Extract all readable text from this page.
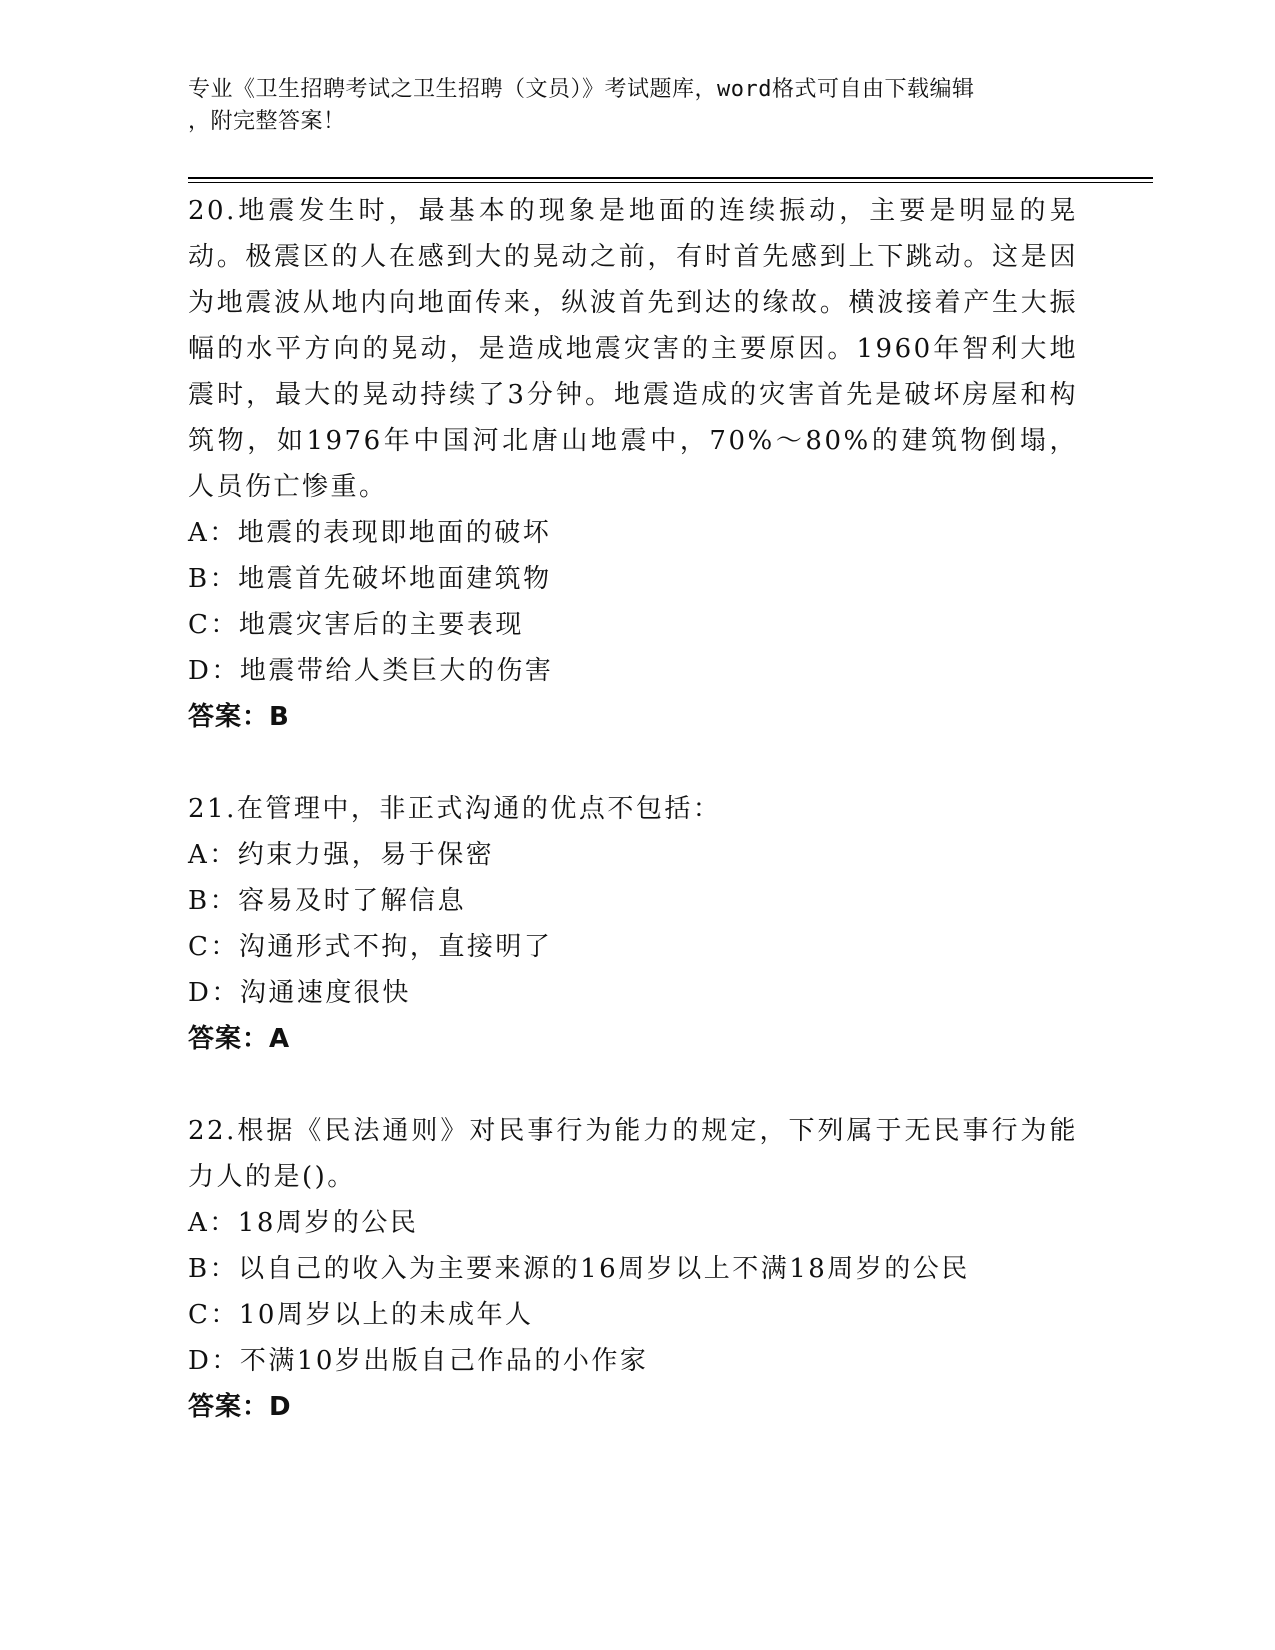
专业《卫生招聘考试之卫生招聘（文员）》考试题库，word格式可自由下载编辑
，附完整答案！

20.地震发生时，最基本的现象是地面的连续振动，主要是明显的晃动。极震区的人在感到大的晃动之前，有时首先感到上下跳动。这是因为地震波从地内向地面传来，纵波首先到达的缘故。横波接着产生大振幅的水平方向的晃动，是造成地震灾害的主要原因。1960年智利大地震时，最大的晃动持续了3分钟。地震造成的灾害首先是破坏房屋和构筑物，如1976年中国河北唐山地震中，70%～80%的建筑物倒塌，人员伤亡惨重。

A：地震的表现即地面的破坏

B：地震首先破坏地面建筑物

C：地震灾害后的主要表现

D：地震带给人类巨大的伤害

答案：B

21.在管理中，非正式沟通的优点不包括：

A：约束力强，易于保密

B：容易及时了解信息

C：沟通形式不拘，直接明了

D：沟通速度很快

答案：A

22.根据《民法通则》对民事行为能力的规定，下列属于无民事行为能力人的是()。

A：18周岁的公民

B：以自己的收入为主要来源的16周岁以上不满18周岁的公民

C：10周岁以上的未成年人

D：不满10岁出版自己作品的小作家

答案：D
